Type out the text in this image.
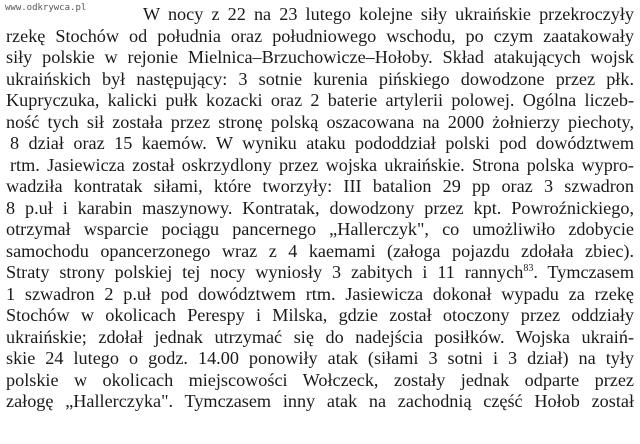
www.odkrywca.pl	W nocy z 22 na 23 lutego kolejne siły ukraińskie przekroczyły
rzekę Stochów od południa oraz południowego wschodu, po czym zaatakowały
siły polskie w rejonie Mielnica–Brzuchowicze–Hołoby. Skład atakujących wojsk
ukraińskich był następujący: 3 sotnie kurenia pińskiego dowodzone przez płk.
Kupryczuka, kalicki pułk kozacki oraz 2 baterie artylerii polowej. Ogólna liczeb-
ność tych sił została przez stronę polską oszacowana na 2000 żołnierzy piechoty,
8 dział oraz 15 kaemów. W wyniku ataku pododdział polski pod dowództwem
rtm. Jasiewicza został oskrzydlony przez wojska ukraińskie. Strona polska wypro-
wadziła kontratak siłami, które tworzyły: III batalion 29 pp oraz 3 szwadron
8 p.uł i karabin maszynowy. Kontratak, dowodzony przez kpt. Powroźnickiego,
otrzymał wsparcie pociągu pancernego „Hallerczyk", co umożliwiło zdobycie
samochodu opancerzonego wraz z 4 kaemami (załoga pojazdu zdołała zbiec).
Straty strony polskiej tej nocy wyniosły 3 zabitych i 11 rannych$^{83}$. Tymczasem
1 szwadron 2 p.uł pod dowództwem rtm. Jasiewicza dokonał wypadu za rzekę
Stochów w okolicach Perespy i Milska, gdzie został otoczony przez oddziały
ukraińskie; zdołał jednak utrzymać się do nadejścia posiłków. Wojska ukraiń-
skie 24 lutego o godz. 14.00 ponowiły atak (siłami 3 sotni i 3 dział) na tyły
polskie w okolicach miejscowości Wołczeck, zostały jednak odparte przez
załogę „Hallerczyka". Tymczasem inny atak na zachodnią część Hołob został
